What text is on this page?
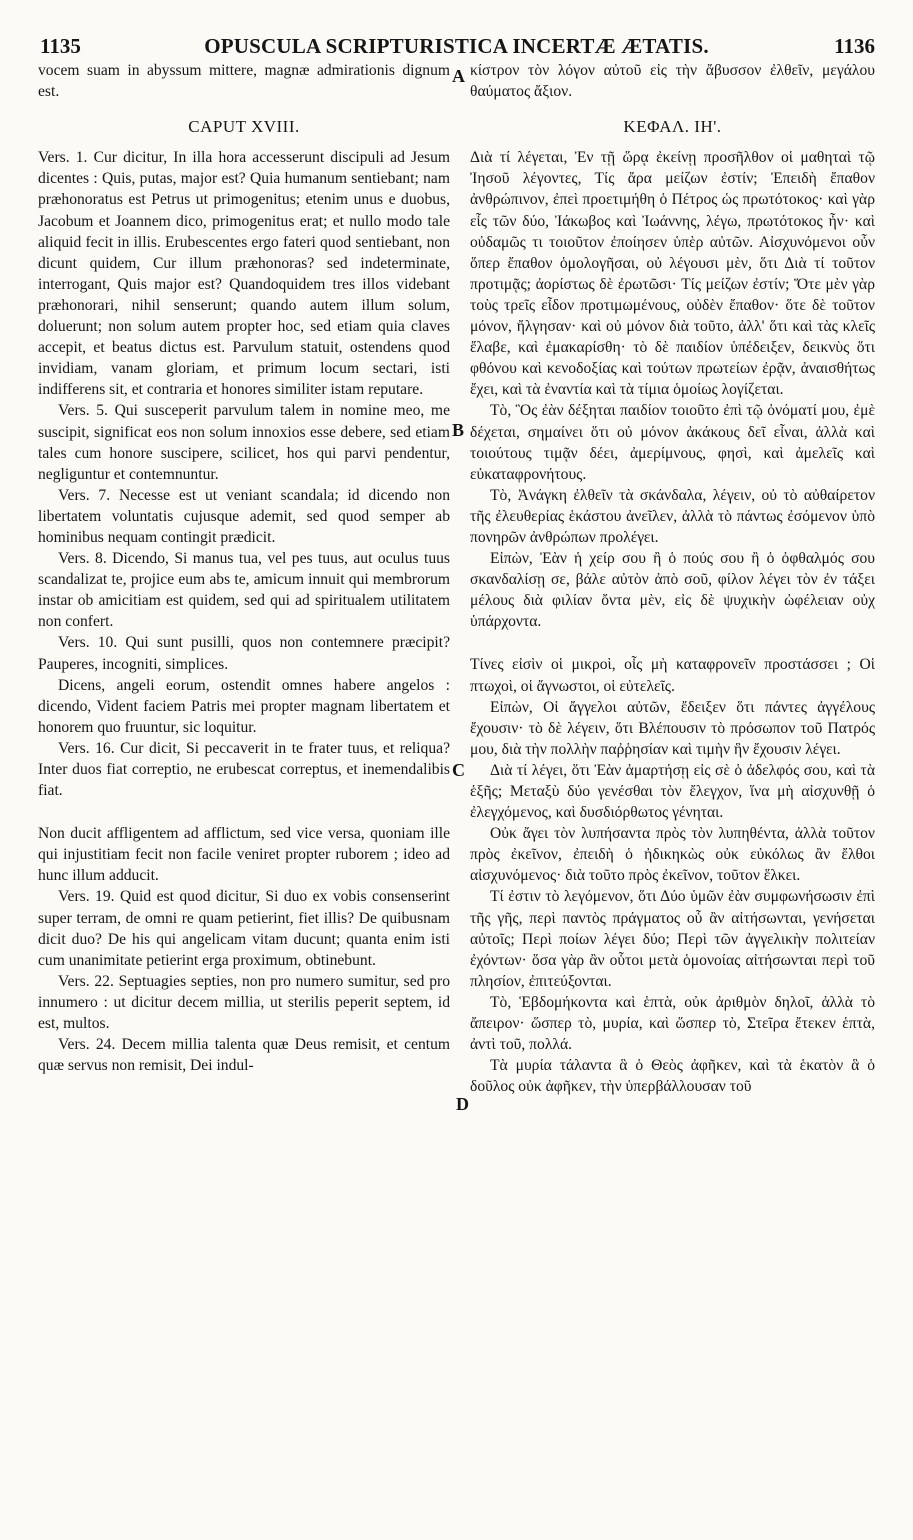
1135	OPUSCULA SCRIPTURISTICA INCERTÆ ÆTATIS.	1136
A
B
C
D

vocem suam in abyssum mittere, magnæ admirationis dignum est.

CAPUT XVIII.

Vers. 1. Cur dicitur, In illa hora accesserunt discipuli ad Jesum dicentes : Quis, putas, major est? Quia humanum sentiebant; nam præhonoratus est Petrus ut primogenitus; etenim unus e duobus, Jacobum et Joannem dico, primogenitus erat; et nullo modo tale aliquid fecit in illis. Erubescentes ergo fateri quod sentiebant, non dicunt quidem, Cur illum præhonoras? sed indeterminate, interrogant, Quis major est? Quandoquidem tres illos videbant præhonorari, nihil senserunt; quando autem illum solum, doluerunt; non solum autem propter hoc, sed etiam quia claves accepit, et beatus dictus est. Parvulum statuit, ostendens quod invidiam, vanam gloriam, et primum locum sectari, isti indifferens sit, et contraria et honores similiter istam reputare.

Vers. 5. Qui susceperit parvulum talem in nomine meo, me suscipit, significat eos non solum innoxios esse debere, sed etiam tales cum honore suscipere, scilicet, hos qui parvi pendentur, negliguntur et contemnuntur.

Vers. 7. Necesse est ut veniant scandala; id dicendo non libertatem voluntatis cujusque ademit, sed quod semper ab hominibus nequam contingit prædicit.

Vers. 8. Dicendo, Si manus tua, vel pes tuus, aut oculus tuus scandalizat te, projice eum abs te, amicum innuit qui membrorum instar ob amicitiam est quidem, sed qui ad spiritualem utilitatem non confert.

Vers. 10. Qui sunt pusilli, quos non contemnere præcipit? Pauperes, incogniti, simplices.

Dicens, angeli eorum, ostendit omnes habere angelos : dicendo, Vident faciem Patris mei propter magnam libertatem et honorem quo fruuntur, sic loquitur.

Vers. 16. Cur dicit, Si peccaverit in te frater tuus, et reliqua? Inter duos fiat correptio, ne erubescat correptus, et inemendalibis fiat.

Non ducit affligentem ad afflictum, sed vice versa, quoniam ille qui injustitiam fecit non facile veniret propter ruborem ; ideo ad hunc illum adducit.

Vers. 19. Quid est quod dicitur, Si duo ex vobis consenserint super terram, de omni re quam petierint, fiet illis? De quibusnam dicit duo? De his qui angelicam vitam ducunt; quanta enim isti cum unanimitate petierint erga proximum, obtinebunt.

Vers. 22. Septuagies septies, non pro numero sumitur, sed pro innumero : ut dicitur decem millia, ut sterilis peperit septem, id est, multos.

Vers. 24. Decem millia talenta quæ Deus remisit, et centum quæ servus non remisit, Dei indul-

κίστρον τὸν λόγον αὐτοῦ εἰς τὴν ἄβυσσον ἐλθεῖν, μεγάλου θαύματος ἄξιον.

ΚΕΦΑΛ. ΙΗ'.

Διὰ τί λέγεται, Ἐν τῇ ὥρᾳ ἐκείνῃ προσῆλθον οἱ μαθηταὶ τῷ Ἰησοῦ λέγοντες, Τίς ἄρα μείζων ἐστίν; Ἐπειδὴ ἔπαθον ἀνθρώπινον, ἐπεὶ προετιμήθη ὁ Πέτρος ὡς πρωτότοκος· καὶ γὰρ εἷς τῶν δύο, Ἰάκωβος καὶ Ἰωάννης, λέγω, πρωτότοκος ἦν· καὶ οὐδαμῶς τι τοιοῦτον ἐποίησεν ὑπὲρ αὐτῶν. Αἰσχυνόμενοι οὖν ὅπερ ἔπαθον ὁμολογῆσαι, οὐ λέγουσι μὲν, ὅτι Διὰ τί τοῦτον προτιμᾷς; ἀορίστως δὲ ἐρωτῶσι· Τίς μείζων ἐστίν; Ὅτε μὲν γὰρ τοὺς τρεῖς εἶδον προτιμωμένους, οὐδὲν ἔπαθον· ὅτε δὲ τοῦτον μόνον, ἤλγησαν· καὶ οὐ μόνον διὰ τοῦτο, ἀλλ' ὅτι καὶ τὰς κλεῖς ἔλαβε, καὶ ἐμακαρίσθη· τὸ δὲ παιδίον ὑπέδειξεν, δεικνὺς ὅτι φθόνου καὶ κενοδοξίας καὶ τούτων πρωτείων ἐρᾷν, ἀναισθήτως ἔχει, καὶ τὰ ἐναντία καὶ τὰ τίμια ὁμοίως λογίζεται.

Τὸ, Ὃς ἐὰν δέξηται παιδίον τοιοῦτο ἐπὶ τῷ ὀνόματί μου, ἐμὲ δέχεται, σημαίνει ὅτι οὐ μόνον ἀκάκους δεῖ εἶναι, ἀλλὰ καὶ τοιούτους τιμᾷν δέει, ἀμερίμνους, φησὶ, καὶ ἀμελεῖς καὶ εὐκαταφρονήτους.

Τὸ, Ἀνάγκη ἐλθεῖν τὰ σκάνδαλα, λέγειν, οὐ τὸ αὐθαίρετον τῆς ἐλευθερίας ἑκάστου ἀνεῖλεν, ἀλλὰ τὸ πάντως ἐσόμενον ὑπὸ πονηρῶν ἀνθρώπων προλέγει.

Εἰπὼν, Ἐὰν ἡ χείρ σου ἢ ὁ πούς σου ἢ ὁ ὀφθαλμός σου σκανδαλίσῃ σε, βάλε αὐτὸν ἀπὸ σοῦ, φίλον λέγει τὸν ἐν τάξει μέλους διὰ φιλίαν ὄντα μὲν, εἰς δὲ ψυχικὴν ὠφέλειαν οὐχ ὑπάρχοντα.

Τίνες εἰσὶν οἱ μικροὶ, οἷς μὴ καταφρονεῖν προστάσσει ; Οἱ πτωχοὶ, οἱ ἄγνωστοι, οἱ εὐτελεῖς.

Εἰπὼν, Οἱ ἄγγελοι αὐτῶν, ἔδειξεν ὅτι πάντες ἀγγέλους ἔχουσιν· τὸ δὲ λέγειν, ὅτι Βλέπουσιν τὸ πρόσωπον τοῦ Πατρός μου, διὰ τὴν πολλὴν παῤῥησίαν καὶ τιμὴν ἣν ἔχουσιν λέγει.

Διὰ τί λέγει, ὅτι Ἐὰν ἁμαρτήσῃ εἰς σὲ ὁ ἀδελφός σου, καὶ τὰ ἑξῆς; Μεταξὺ δύο γενέσθαι τὸν ἔλεγχον, ἵνα μὴ αἰσχυνθῇ ὁ ἐλεγχόμενος, καὶ δυσδιόρθωτος γένηται.

Οὐκ ἄγει τὸν λυπήσαντα πρὸς τὸν λυπηθέντα, ἀλλὰ τοῦτον πρὸς ἐκεῖνον, ἐπειδὴ ὁ ἠδικηκὼς οὐκ εὐκόλως ἂν ἔλθοι αἰσχυνόμενος· διὰ τοῦτο πρὸς ἐκεῖνον, τοῦτον ἕλκει.

Τί ἐστιν τὸ λεγόμενον, ὅτι Δύο ὑμῶν ἐὰν συμφωνήσωσιν ἐπὶ τῆς γῆς, περὶ παντὸς πράγματος οὗ ἂν αἰτήσωνται, γενήσεται αὐτοῖς; Περὶ ποίων λέγει δύο; Περὶ τῶν ἀγγελικὴν πολιτείαν ἐχόντων· ὅσα γὰρ ἂν οὗτοι μετὰ ὁμονοίας αἰτήσωνται περὶ τοῦ πλησίον, ἐπιτεύξονται.

Τὸ, Ἑβδομήκοντα καὶ ἑπτὰ, οὐκ ἀριθμὸν δηλοῖ, ἀλλὰ τὸ ἄπειρον· ὥσπερ τὸ, μυρία, καὶ ὥσπερ τὸ, Στεῖρα ἔτεκεν ἑπτὰ, ἀντὶ τοῦ, πολλά.

Τὰ μυρία τάλαντα ἃ ὁ Θεὸς ἀφῆκεν, καὶ τὰ ἑκατὸν ἃ ὁ δοῦλος οὐκ ἀφῆκεν, τὴν ὑπερβάλλουσαν τοῦ
